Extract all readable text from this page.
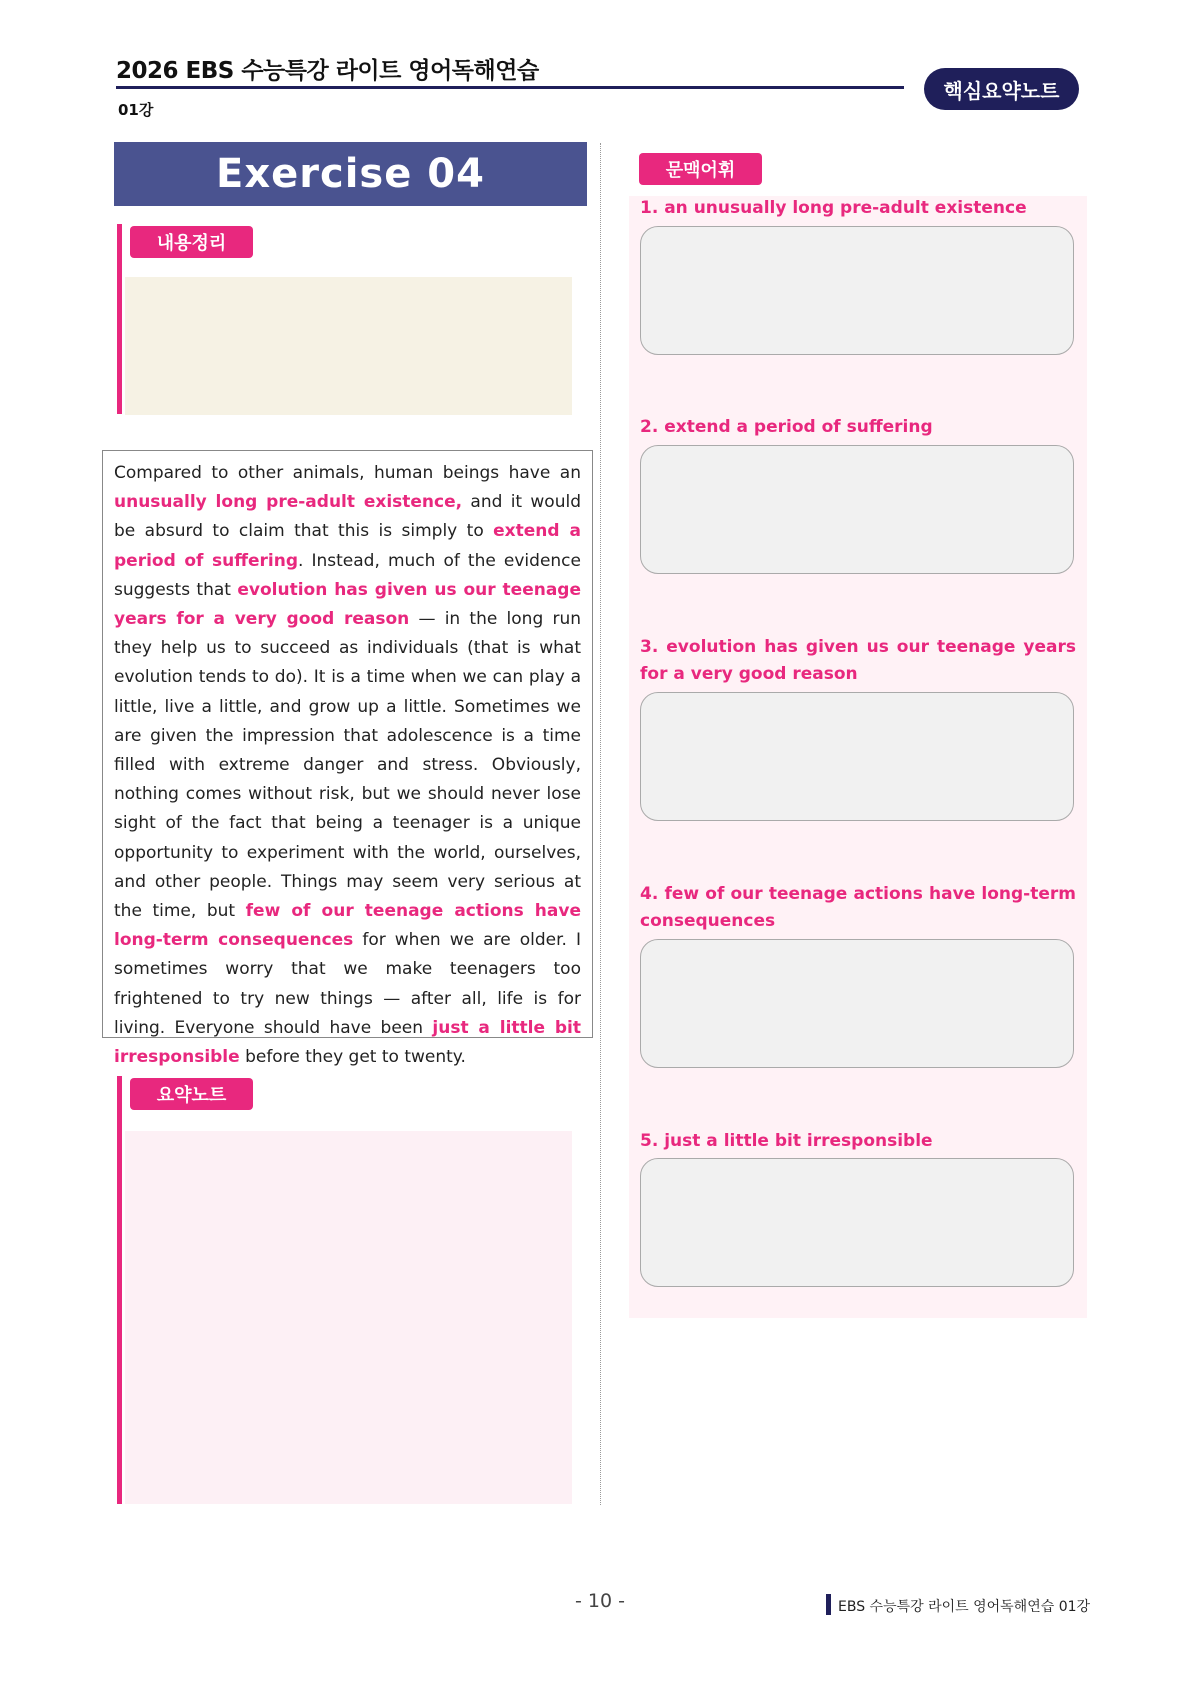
2026 EBS 수능특강 라이트 영어독해연습
01강
핵심요약노트
Exercise 04
내용정리

Compared to other animals, human beings have an unusually long pre-adult existence, and it would be absurd to claim that this is simply to extend a period of suffering. Instead, much of the evidence suggests that evolution has given us our teenage years for a very good reason — in the long run they help us to succeed as individuals (that is what evolution tends to do). It is a time when we can play a little, live a little, and grow up a little. Sometimes we are given the impression that adolescence is a time filled with extreme danger and stress. Obviously, nothing comes without risk, but we should never lose sight of the fact that being a teenager is a unique opportunity to experiment with the world, ourselves, and other people. Things may seem very serious at the time, but few of our teenage actions have long-term consequences for when we are older. I sometimes worry that we make teenagers too frightened to try new things — after all, life is for living. Everyone should have been just a little bit irresponsible before they get to twenty.

요약노트
문맥어휘
1. an unusually long pre-adult existence
2. extend a period of suffering
3. evolution has given us our teenage years for a very good reason
4. few of our teenage actions have long-term consequences
5. just a little bit irresponsible
- 10 -	EBS 수능특강 라이트 영어독해연습 01강
